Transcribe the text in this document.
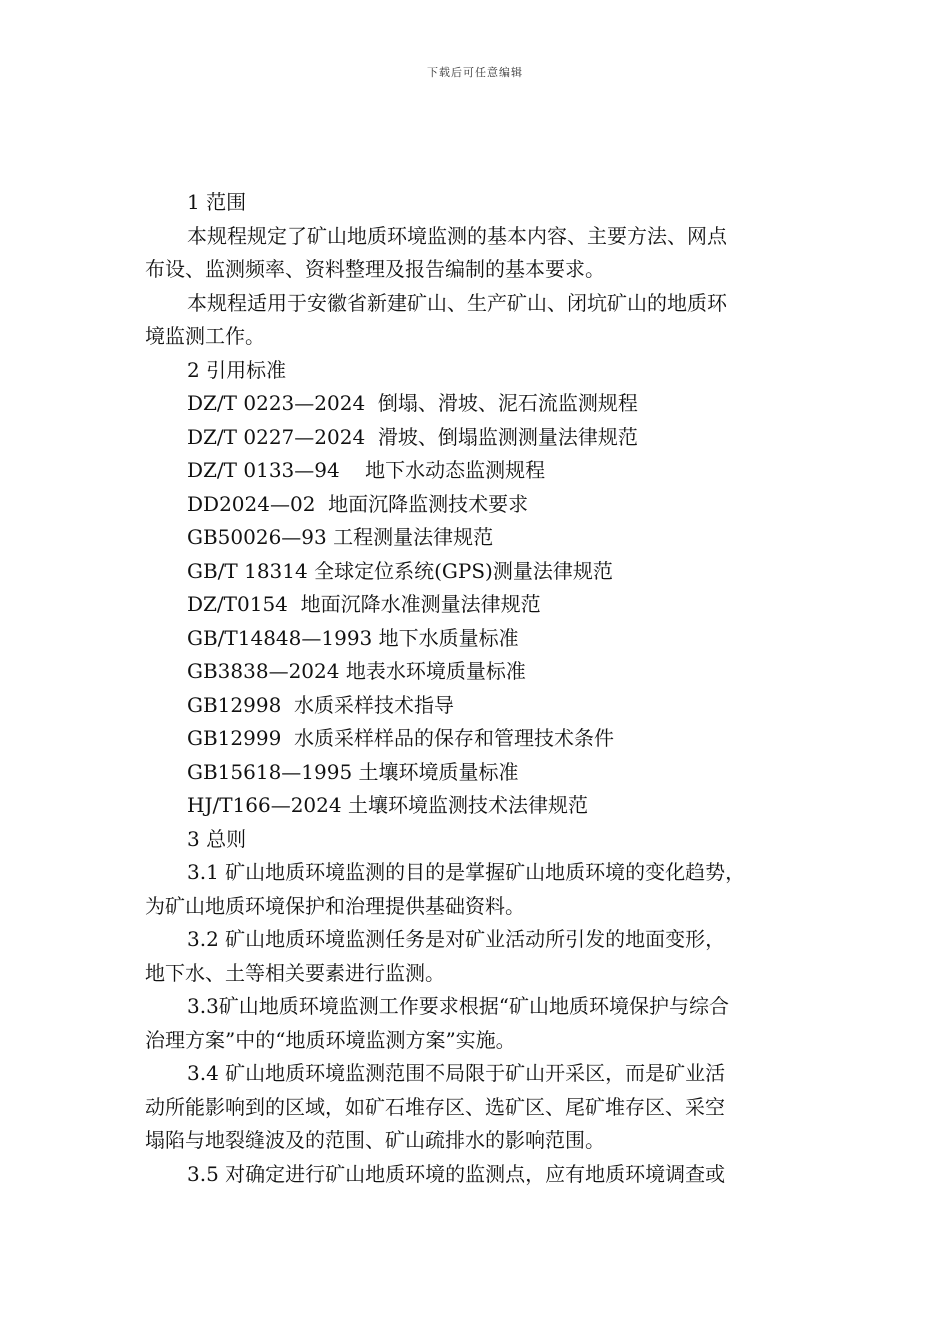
下载后可任意编辑
1 范围
本规程规定了矿山地质环境监测的基本内容、主要方法、网点
布设、监测频率、资料整理及报告编制的基本要求。
本规程适用于安徽省新建矿山、生产矿山、闭坑矿山的地质环
境监测工作。
2 引用标准
DZ/T 0223—2024  倒塌、滑坡、泥石流监测规程
DZ/T 0227—2024  滑坡、倒塌监测测量法律规范
DZ/T 0133—94    地下水动态监测规程
DD2024—02  地面沉降监测技术要求
GB50026—93 工程测量法律规范
GB/T 18314 全球定位系统(GPS)测量法律规范
DZ/T0154  地面沉降水准测量法律规范
GB/T14848—1993 地下水质量标准
GB3838—2024 地表水环境质量标准
GB12998  水质采样技术指导
GB12999  水质采样样品的保存和管理技术条件
GB15618—1995 土壤环境质量标准
HJ/T166—2024 土壤环境监测技术法律规范
3 总则
3.1 矿山地质环境监测的目的是掌握矿山地质环境的变化趋势，
为矿山地质环境保护和治理提供基础资料。
3.2 矿山地质环境监测任务是对矿业活动所引发的地面变形，
地下水、土等相关要素进行监测。
3.3矿山地质环境监测工作要求根据“矿山地质环境保护与综合
治理方案”中的“地质环境监测方案”实施。
3.4 矿山地质环境监测范围不局限于矿山开采区，而是矿业活
动所能影响到的区域，如矿石堆存区、选矿区、尾矿堆存区、采空
塌陷与地裂缝波及的范围、矿山疏排水的影响范围。
3.5 对确定进行矿山地质环境的监测点，应有地质环境调查或
